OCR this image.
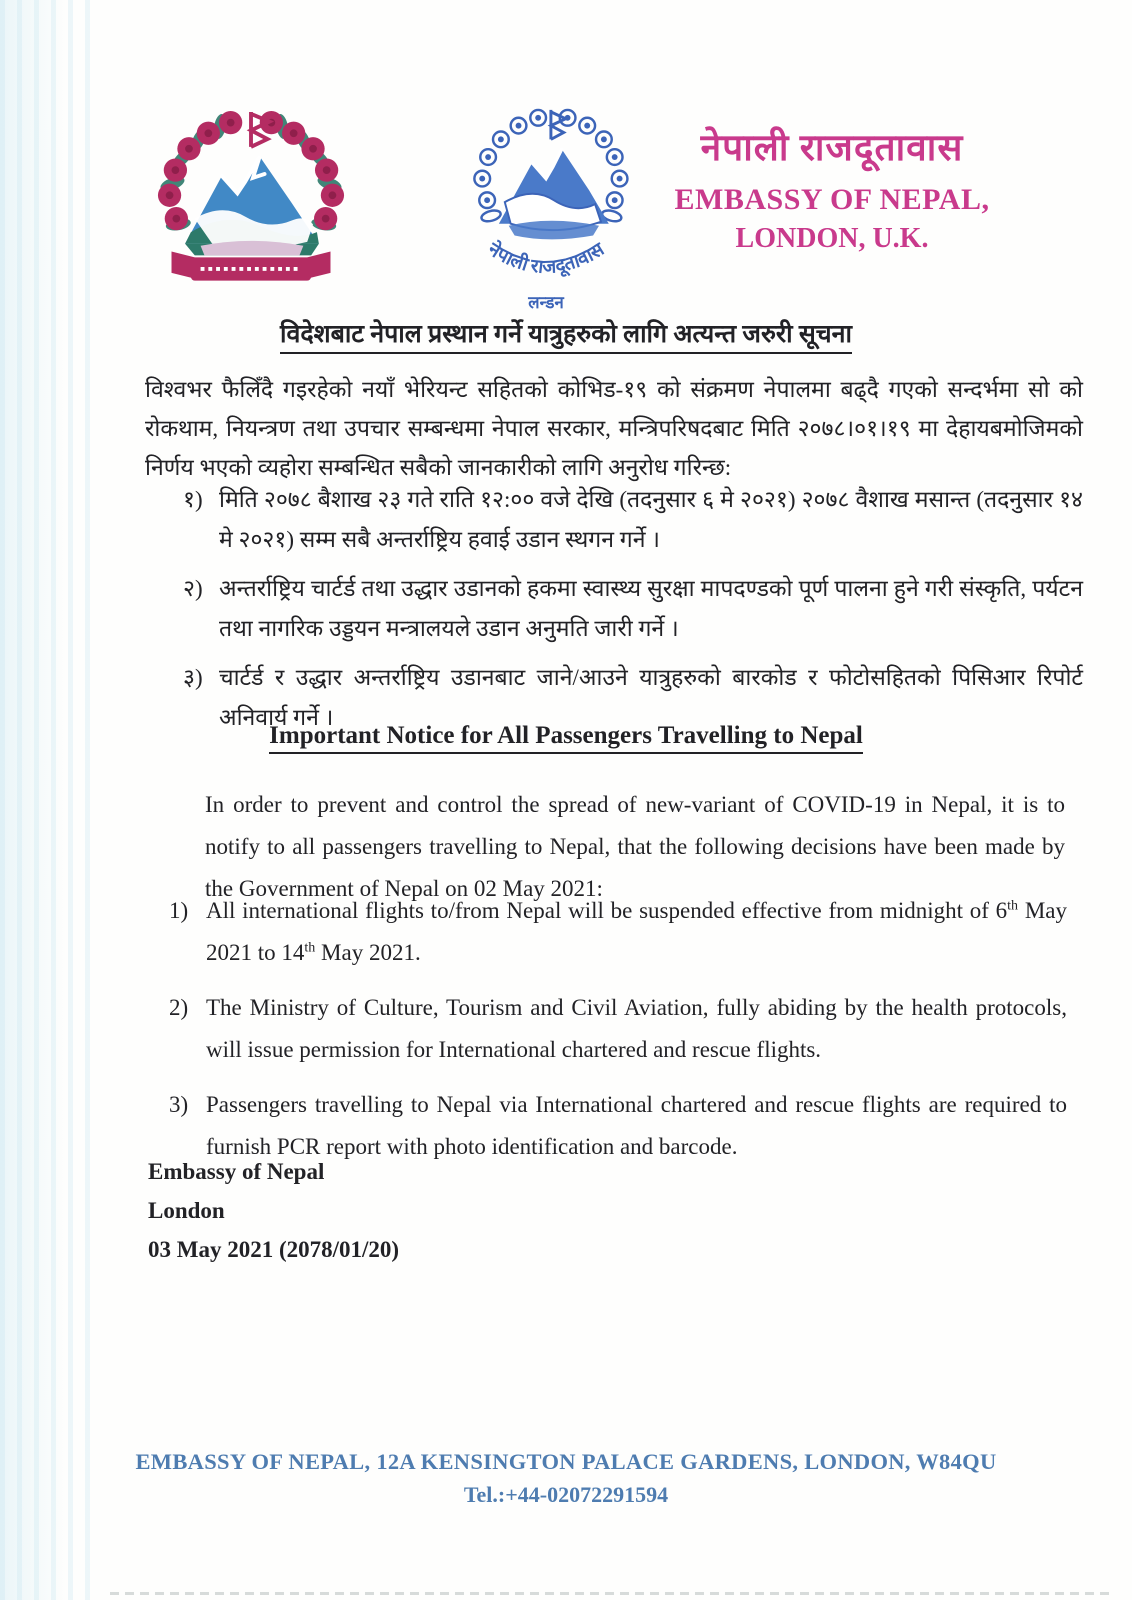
नेपाली राजदूतावास
लन्डन
नेपाली राजदूतावास
EMBASSY OF NEPAL,
LONDON, U.K.
विदेशबाट नेपाल प्रस्थान गर्ने यात्रुहरुको लागि अत्यन्त जरुरी सूचना
विश्वभर फैलिँदै गइरहेको नयाँ भेरियन्ट सहितको कोभिड-१९ को संक्रमण नेपालमा बढ्दै गएको सन्दर्भमा सो को रोकथाम, नियन्त्रण तथा उपचार सम्बन्धमा नेपाल सरकार, मन्त्रिपरिषदबाट मिति २०७८।०१।१९ मा देहायबमोजिमको निर्णय भएको व्यहोरा सम्बन्धित सबैको जानकारीको लागि अनुरोध गरिन्छ:
१) मिति २०७८ बैशाख २३ गते राति १२:०० वजे देखि (तदनुसार ६ मे २०२१) २०७८ वैशाख मसान्त (तदनुसार १४ मे २०२१) सम्म सबै अन्तर्राष्ट्रिय हवाई उडान स्थगन गर्ने ।
२) अन्तर्राष्ट्रिय चार्टर्ड तथा उद्धार उडानको हकमा स्वास्थ्य सुरक्षा मापदण्डको पूर्ण पालना हुने गरी संस्कृति, पर्यटन तथा नागरिक उड्डयन मन्त्रालयले उडान अनुमति जारी गर्ने ।
३) चार्टर्ड र उद्धार अन्तर्राष्ट्रिय उडानबाट जाने/आउने यात्रुहरुको बारकोड र फोटोसहितको पिसिआर रिपोर्ट अनिवार्य गर्ने ।
Important Notice for All Passengers Travelling to Nepal
In order to prevent and control the spread of new-variant of COVID-19 in Nepal, it is to notify to all passengers travelling to Nepal, that the following decisions have been made by the Government of Nepal on 02 May 2021:
1) All international flights to/from Nepal will be suspended effective from midnight of 6th May 2021 to 14th May 2021.
2) The Ministry of Culture, Tourism and Civil Aviation, fully abiding by the health protocols, will issue permission for International chartered and rescue flights.
3) Passengers travelling to Nepal via International chartered and rescue flights are required to furnish PCR report with photo identification and barcode.
Embassy of Nepal
London
03 May 2021 (2078/01/20)
EMBASSY OF NEPAL, 12A KENSINGTON PALACE GARDENS, LONDON, W84QU
Tel.:+44-02072291594
